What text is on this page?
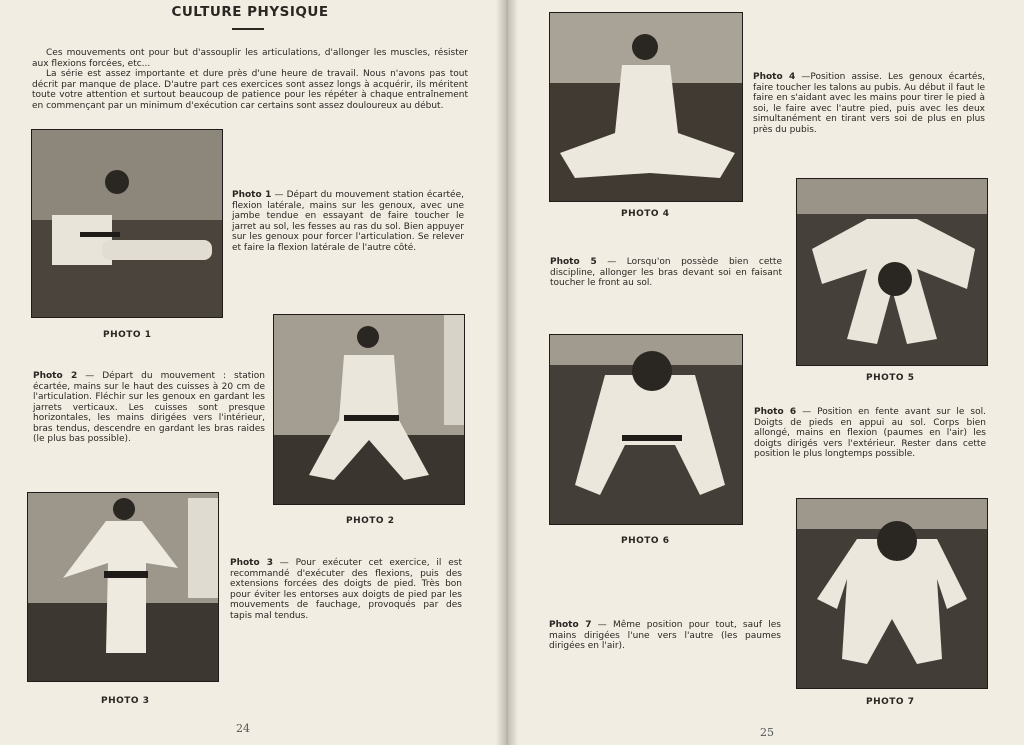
CULTURE PHYSIQUE

Ces mouvements ont pour but d'assouplir les articulations, d'allonger les muscles, résister aux flexions forcées, etc...

La série est assez importante et dure près d'une heure de travail. Nous n'avons pas tout décrit par manque de place. D'autre part ces exercices sont assez longs à acquérir, ils méritent toute votre attention et surtout beaucoup de patience pour les répéter à chaque entraînement en commençant par un minimum d'exécution car certains sont assez douloureux au début.

PHOTO 1
Photo 1 — Départ du mouvement station écartée, flexion latérale, mains sur les genoux, avec une jambe tendue en essayant de faire toucher le jarret au sol, les fesses au ras du sol. Bien appuyer sur les genoux pour forcer l'articulation. Se relever et faire la flexion latérale de l'autre côté.
PHOTO 2
Photo 2 — Départ du mouvement : station écartée, mains sur le haut des cuisses à 20 cm de l'articulation. Fléchir sur les genoux en gardant les jarrets verticaux. Les cuisses sont presque horizontales, les mains dirigées vers l'intérieur, bras tendus, descendre en gardant les bras raides (le plus bas possible).
PHOTO 3
Photo 3 — Pour exécuter cet exercice, il est recommandé d'exécuter des flexions, puis des extensions forcées des doigts de pied. Très bon pour éviter les entorses aux doigts de pied par les mouvements de fauchage, provoqués par des tapis mal tendus.
24
PHOTO 4
Photo 4 —Position assise. Les genoux écartés, faire toucher les talons au pubis. Au début il faut le faire en s'aidant avec les mains pour tirer le pied à soi, le faire avec l'autre pied, puis avec les deux simultanément en tirant vers soi de plus en plus près du pubis.
PHOTO 5
Photo 5 — Lorsqu'on possède bien cette discipline, allonger les bras devant soi en faisant toucher le front au sol.
PHOTO 6
Photo 6 — Position en fente avant sur le sol. Doigts de pieds en appui au sol. Corps bien allongé, mains en flexion (paumes en l'air) les doigts dirigés vers l'extérieur. Rester dans cette position le plus longtemps possible.
PHOTO 7
Photo 7 — Même position pour tout, sauf les mains dirigées l'une vers l'autre (les paumes dirigées en l'air).
25
